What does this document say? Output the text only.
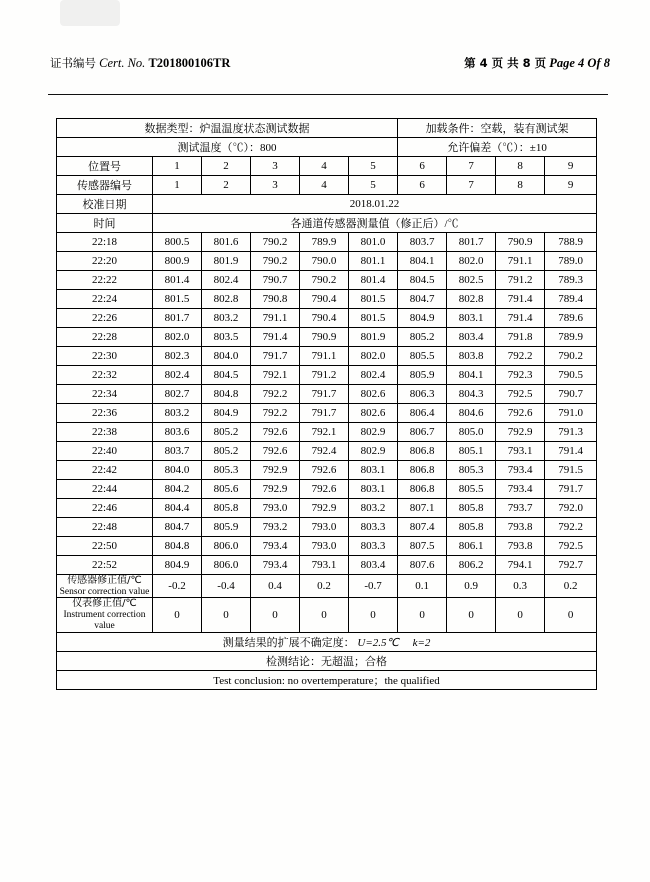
证书编号 Cert. No. T201800106TR	第 4 页 共 8 页 Page 4 Of 8
数据类型：炉温温度状态测试数据						加载条件：空载，装有测试架			
测试温度（℃）：800						允许偏差（℃）：±10			
位置号	1	2	3	4	5	6	7	8	9
传感器编号	1	2	3	4	5	6	7	8	9
校准日期	2018.01.22								
时间	各通道传感器测量值（修正后）/℃								
22:18	800.5	801.6	790.2	789.9	801.0	803.7	801.7	790.9	788.9
22:20	800.9	801.9	790.2	790.0	801.1	804.1	802.0	791.1	789.0
22:22	801.4	802.4	790.7	790.2	801.4	804.5	802.5	791.2	789.3
22:24	801.5	802.8	790.8	790.4	801.5	804.7	802.8	791.4	789.4
22:26	801.7	803.2	791.1	790.4	801.5	804.9	803.1	791.4	789.6
22:28	802.0	803.5	791.4	790.9	801.9	805.2	803.4	791.8	789.9
22:30	802.3	804.0	791.7	791.1	802.0	805.5	803.8	792.2	790.2
22:32	802.4	804.5	792.1	791.2	802.4	805.9	804.1	792.3	790.5
22:34	802.7	804.8	792.2	791.7	802.6	806.3	804.3	792.5	790.7
22:36	803.2	804.9	792.2	791.7	802.6	806.4	804.6	792.6	791.0
22:38	803.6	805.2	792.6	792.1	802.9	806.7	805.0	792.9	791.3
22:40	803.7	805.2	792.6	792.4	802.9	806.8	805.1	793.1	791.4
22:42	804.0	805.3	792.9	792.6	803.1	806.8	805.3	793.4	791.5
22:44	804.2	805.6	792.9	792.6	803.1	806.8	805.5	793.4	791.7
22:46	804.4	805.8	793.0	792.9	803.2	807.1	805.8	793.7	792.0
22:48	804.7	805.9	793.2	793.0	803.3	807.4	805.8	793.8	792.2
22:50	804.8	806.0	793.4	793.0	803.3	807.5	806.1	793.8	792.5
22:52	804.9	806.0	793.4	793.1	803.4	807.6	806.2	794.1	792.7

传感器修正值/℃
Sensor correction value	-0.2	-0.4	0.4	0.2	-0.7	0.1	0.9	0.3	0.2

仪表修正值/℃
Instrument correction value	0	0	0	0	0	0	0	0	0
测量结果的扩展不确定度： U=2.5℃ k=2									
检测结论：无超温；合格									
Test conclusion: no overtemperature；the qualified									
